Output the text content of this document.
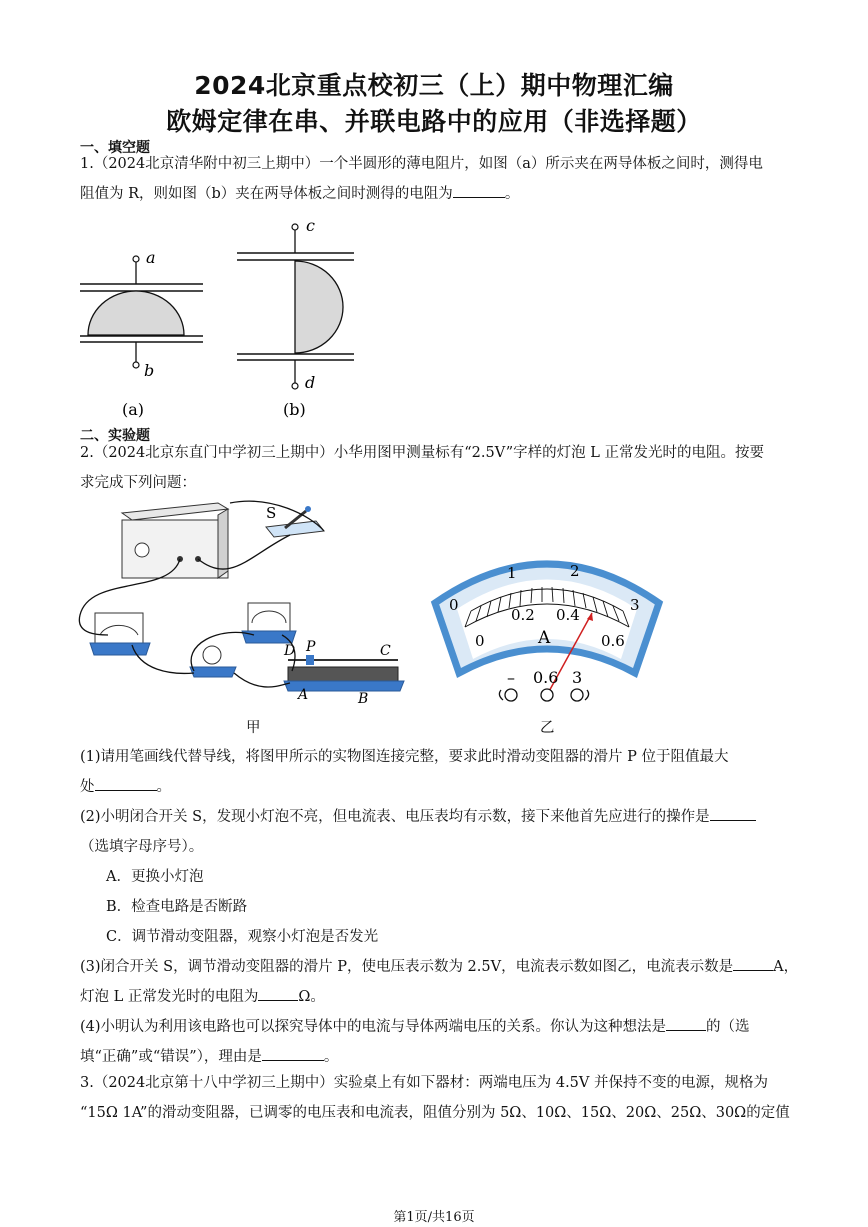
2024北京重点校初三（上）期中物理汇编
欧姆定律在串、并联电路中的应用（非选择题）
一、填空题
1.（2024北京清华附中初三上期中）一个半圆形的薄电阻片，如图（a）所示夹在两导体板之间时，测得电
阻值为 R，则如图（b）夹在两导体板之间时测得的电阻为	。
a
b
(a)
c
d
(b)
二、实验题
2.（2024北京东直门中学初三上期中）小华用图甲测量标有“2.5V”字样的灯泡 L 正常发光时的电阻。按要
求完成下列问题：
S
D P	C
A	B
甲
0
1	2
3
0
0.2 0.4
0.6
A
– 0.6 3
乙
(1)请用笔画线代替导线，将图甲所示的实物图连接完整，要求此时滑动变阻器的滑片 P 位于阻值最大
处	。
(2)小明闭合开关 S，发现小灯泡不亮，但电流表、电压表均有示数，接下来他首先应进行的操作是
（选填字母序号）。
A．更换小灯泡
B．检查电路是否断路
C．调节滑动变阻器，观察小灯泡是否发光
(3)闭合开关 S，调节滑动变阻器的滑片 P，使电压表示数为 2.5V，电流表示数如图乙，电流表示数是	A，
灯泡 L 正常发光时的电阻为	Ω。
(4)小明认为利用该电路也可以探究导体中的电流与导体两端电压的关系。你认为这种想法是	的（选
填“正确”或“错误”），理由是	。
3.（2024北京第十八中学初三上期中）实验桌上有如下器材：两端电压为 4.5V 并保持不变的电源，规格为
“15Ω 1A”的滑动变阻器，已调零的电压表和电流表，阻值分别为 5Ω、10Ω、15Ω、20Ω、25Ω、30Ω的定值
第1页/共16页
